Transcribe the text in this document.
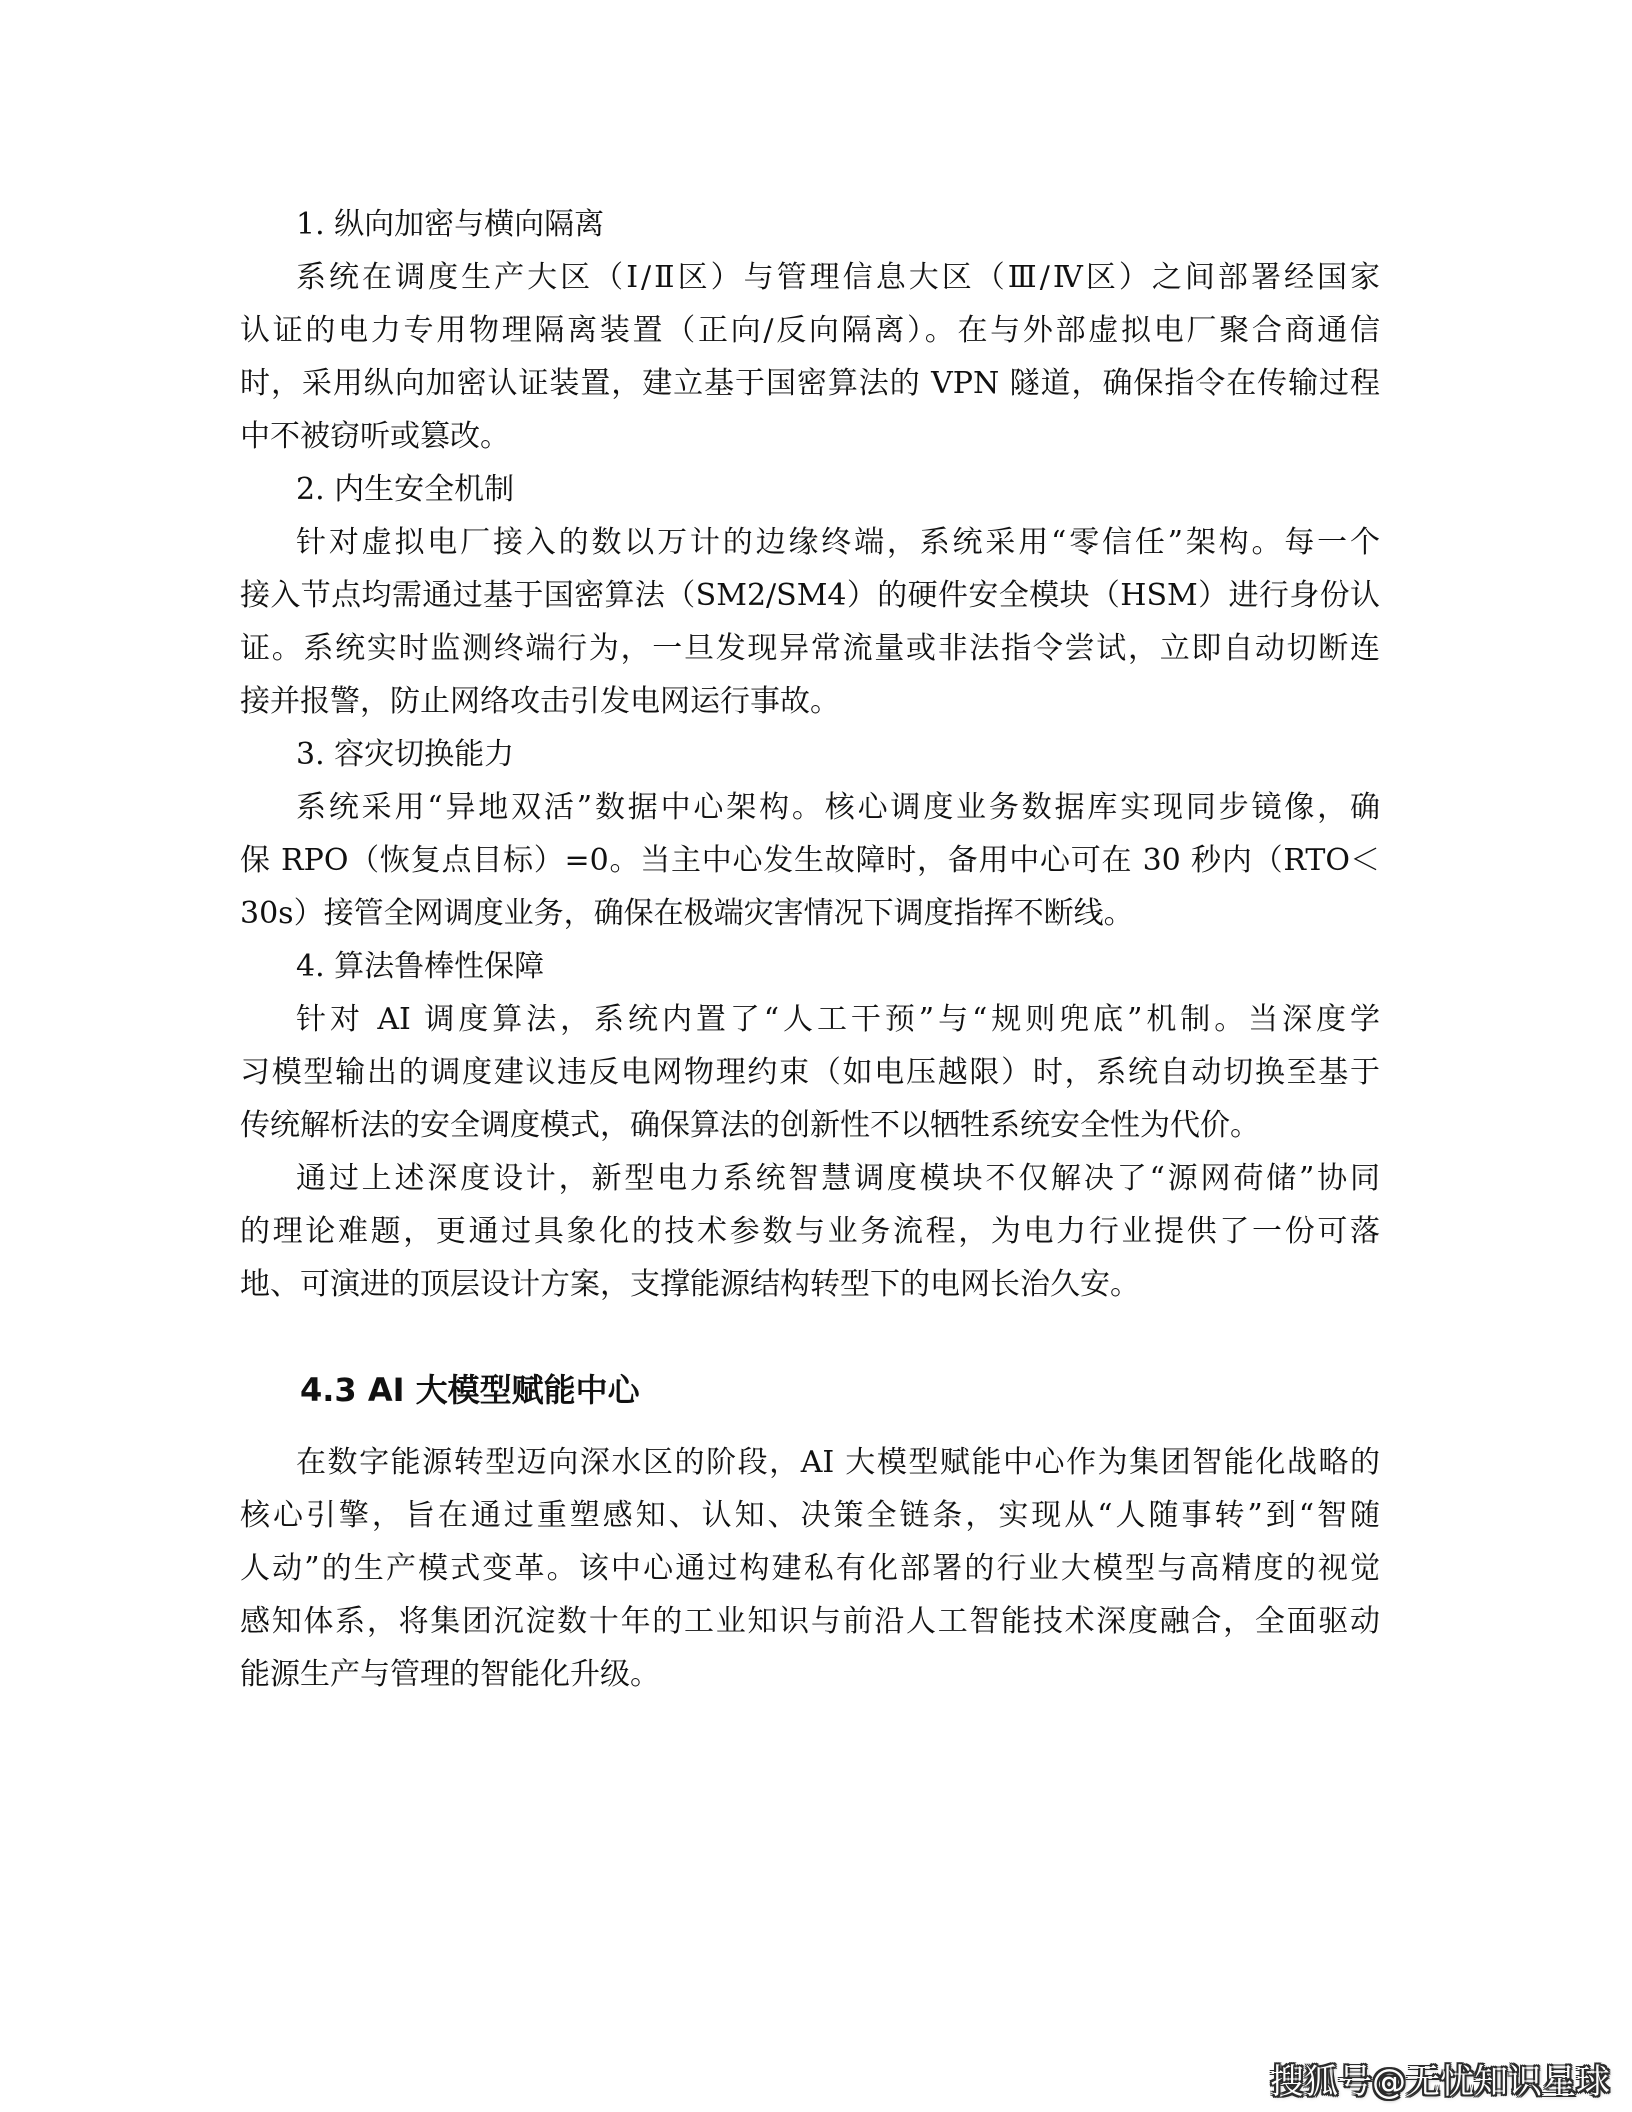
1. 纵向加密与横向隔离
系统在调度生产大区（Ⅰ/Ⅱ区）与管理信息大区（Ⅲ/Ⅳ区）之间部署经国家
认证的电力专用物理隔离装置（正向/反向隔离）。在与外部虚拟电厂聚合商通信
时，采用纵向加密认证装置，建立基于国密算法的 VPN 隧道，确保指令在传输过程
中不被窃听或篡改。
2. 内生安全机制
针对虚拟电厂接入的数以万计的边缘终端，系统采用“零信任”架构。每一个
接入节点均需通过基于国密算法（SM2/SM4）的硬件安全模块（HSM）进行身份认
证。系统实时监测终端行为，一旦发现异常流量或非法指令尝试，立即自动切断连
接并报警，防止网络攻击引发电网运行事故。
3. 容灾切换能力
系统采用“异地双活”数据中心架构。核心调度业务数据库实现同步镜像，确
保 RPO（恢复点目标）=0。当主中心发生故障时，备用中心可在 30 秒内（RTO＜
30s）接管全网调度业务，确保在极端灾害情况下调度指挥不断线。
4. 算法鲁棒性保障
针对 AI 调度算法，系统内置了“人工干预”与“规则兜底”机制。当深度学
习模型输出的调度建议违反电网物理约束（如电压越限）时，系统自动切换至基于
传统解析法的安全调度模式，确保算法的创新性不以牺牲系统安全性为代价。
通过上述深度设计，新型电力系统智慧调度模块不仅解决了“源网荷储”协同
的理论难题，更通过具象化的技术参数与业务流程，为电力行业提供了一份可落
地、可演进的顶层设计方案，支撑能源结构转型下的电网长治久安。
4.3 AI 大模型赋能中心
在数字能源转型迈向深水区的阶段，AI 大模型赋能中心作为集团智能化战略的
核心引擎，旨在通过重塑感知、认知、决策全链条，实现从“人随事转”到“智随
人动”的生产模式变革。该中心通过构建私有化部署的行业大模型与高精度的视觉
感知体系，将集团沉淀数十年的工业知识与前沿人工智能技术深度融合，全面驱动
能源生产与管理的智能化升级。
搜狐号@无忧知识星球
